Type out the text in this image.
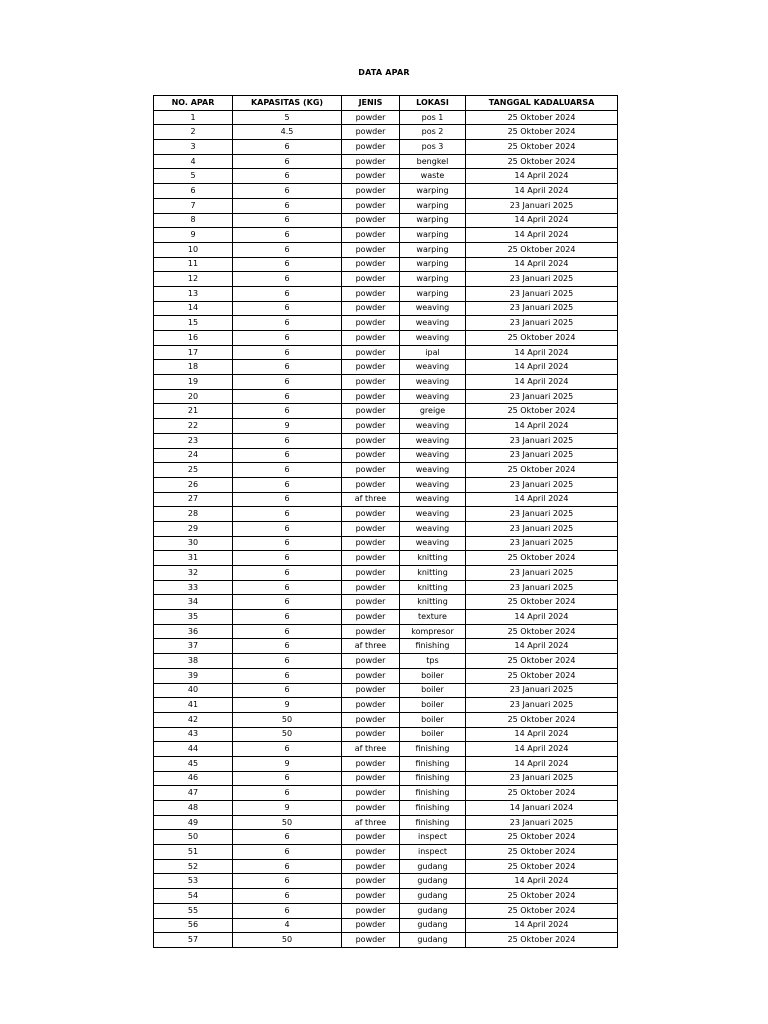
DATA APAR
NO. APAR	KAPASITAS (KG)	JENIS	LOKASI	TANGGAL KADALUARSA
1	5	powder	pos 1	25 Oktober 2024
2	4.5	powder	pos 2	25 Oktober 2024
3	6	powder	pos 3	25 Oktober 2024
4	6	powder	bengkel	25 Oktober 2024
5	6	powder	waste	14 April 2024
6	6	powder	warping	14 April 2024
7	6	powder	warping	23 Januari 2025
8	6	powder	warping	14 April 2024
9	6	powder	warping	14 April 2024
10	6	powder	warping	25 Oktober 2024
11	6	powder	warping	14 April 2024
12	6	powder	warping	23 Januari 2025
13	6	powder	warping	23 Januari 2025
14	6	powder	weaving	23 Januari 2025
15	6	powder	weaving	23 Januari 2025
16	6	powder	weaving	25 Oktober 2024
17	6	powder	ipal	14 April 2024
18	6	powder	weaving	14 April 2024
19	6	powder	weaving	14 April 2024
20	6	powder	weaving	23 Januari 2025
21	6	powder	greige	25 Oktober 2024
22	9	powder	weaving	14 April 2024
23	6	powder	weaving	23 Januari 2025
24	6	powder	weaving	23 Januari 2025
25	6	powder	weaving	25 Oktober 2024
26	6	powder	weaving	23 Januari 2025
27	6	af three	weaving	14 April 2024
28	6	powder	weaving	23 Januari 2025
29	6	powder	weaving	23 Januari 2025
30	6	powder	weaving	23 Januari 2025
31	6	powder	knitting	25 Oktober 2024
32	6	powder	knitting	23 Januari 2025
33	6	powder	knitting	23 Januari 2025
34	6	powder	knitting	25 Oktober 2024
35	6	powder	texture	14 April 2024
36	6	powder	kompresor	25 Oktober 2024
37	6	af three	finishing	14 April 2024
38	6	powder	tps	25 Oktober 2024
39	6	powder	boiler	25 Oktober 2024
40	6	powder	boiler	23 Januari 2025
41	9	powder	boiler	23 Januari 2025
42	50	powder	boiler	25 Oktober 2024
43	50	powder	boiler	14 April 2024
44	6	af three	finishing	14 April 2024
45	9	powder	finishing	14 April 2024
46	6	powder	finishing	23 Januari 2025
47	6	powder	finishing	25 Oktober 2024
48	9	powder	finishing	14 Januari 2024
49	50	af three	finishing	23 Januari 2025
50	6	powder	inspect	25 Oktober 2024
51	6	powder	inspect	25 Oktober 2024
52	6	powder	gudang	25 Oktober 2024
53	6	powder	gudang	14 April 2024
54	6	powder	gudang	25 Oktober 2024
55	6	powder	gudang	25 Oktober 2024
56	4	powder	gudang	14 April 2024
57	50	powder	gudang	25 Oktober 2024
